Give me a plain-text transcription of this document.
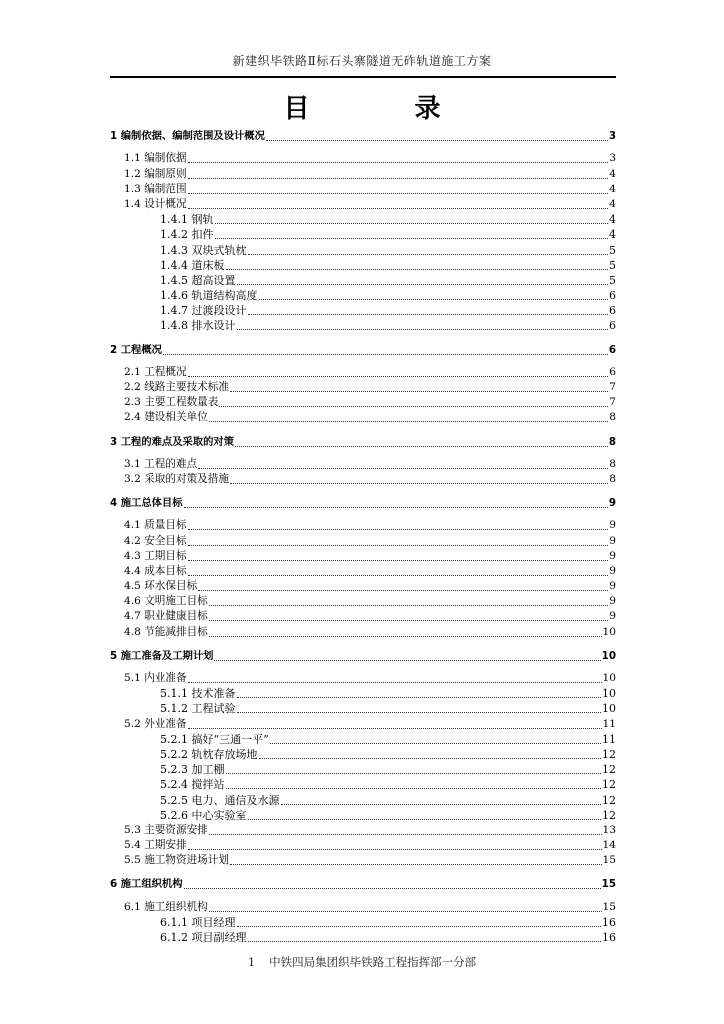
新建织毕铁路Ⅱ标石头寨隧道无砟轨道施工方案
目 录
1 编制依据、编制范围及设计概况	3
1.1 编制依据	3
1.2 编制原则	4
1.3 编制范围	4
1.4 设计概况	4
1.4.1 钢轨	4
1.4.2 扣件	4
1.4.3 双块式轨枕	5
1.4.4 道床板	5
1.4.5 超高设置	5
1.4.6 轨道结构高度	6
1.4.7 过渡段设计	6
1.4.8 排水设计	6
2 工程概况	6
2.1 工程概况	6
2.2 线路主要技术标准	7
2.3 主要工程数量表	7
2.4 建设相关单位	8
3 工程的难点及采取的对策	8
3.1 工程的难点	8
3.2 采取的对策及措施	8
4 施工总体目标	9
4.1 质量目标	9
4.2 安全目标	9
4.3 工期目标	9
4.4 成本目标	9
4.5 环水保目标	9
4.6 文明施工目标	9
4.7 职业健康目标	9
4.8 节能减排目标	10
5 施工准备及工期计划	10
5.1 内业准备	10
5.1.1 技术准备	10
5.1.2 工程试验	10
5.2 外业准备	11
5.2.1 搞好“三通一平”	11
5.2.2 轨枕存放场地	12
5.2.3 加工棚	12
5.2.4 搅拌站	12
5.2.5 电力、通信及水源	12
5.2.6 中心实验室	12
5.3 主要资源安排	13
5.4 工期安排	14
5.5 施工物资进场计划	15
6 施工组织机构	15
6.1 施工组织机构	15
6.1.1 项目经理	16
6.1.2 项目副经理	16
1 中铁四局集团织毕铁路工程指挥部一分部
